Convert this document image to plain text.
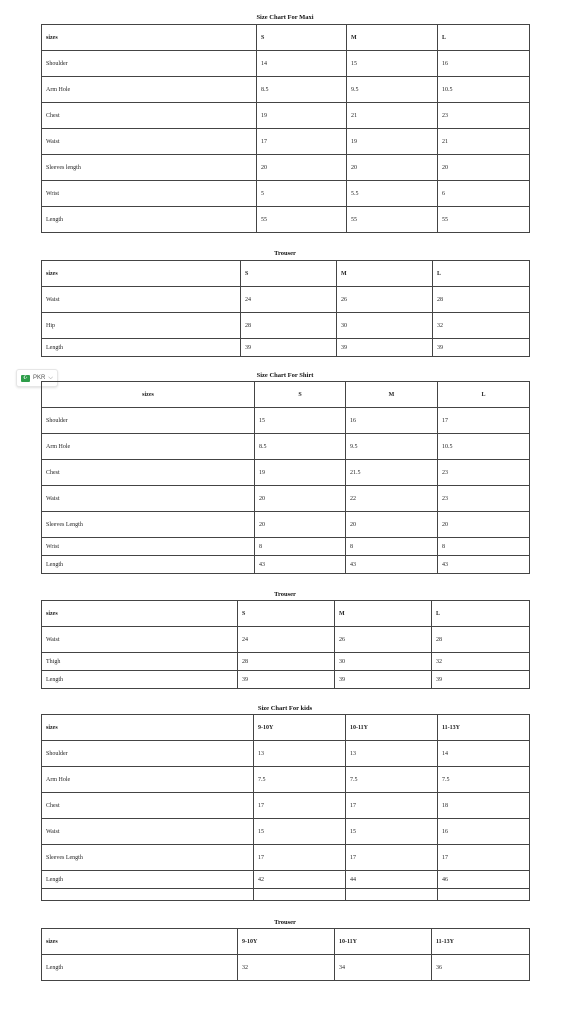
Size Chart For Maxi
sizes	S	M	L
Shoulder	14	15	16
Arm Hole	8.5	9.5	10.5
Chest	19	21	23
Waist	17	19	21
Sleeves length	20	20	20
Wrist	5	5.5	6
Length	55	55	55
Trouser
sizes	S	M	L
Waist	24	26	28
Hip	28	30	32
Length	39	39	39
☪ PKR ⌵	Size Chart For Shirt
sizes	S	M	L
Shoulder	15	16	17
Arm Hole	8.5	9.5	10.5
Chest	19	21.5	23
Waist	20	22	23
Sleeves Length	20	20	20
Wrist	8	8	8
Length	43	43	43
Trouser
sizes	S	M	L
Waist	24	26	28
Thigh	28	30	32
Length	39	39	39
Size Chart For kids
sizes	9-10Y	10-11Y	11-13Y
Shoulder	13	13	14
Arm Hole	7.5	7.5	7.5
Chest	17	17	18
Waist	15	15	16
Sleeves Length	17	17	17
Length	42	44	46

Trouser
sizes	9-10Y	10-11Y	11-13Y
Length	32	34	36
